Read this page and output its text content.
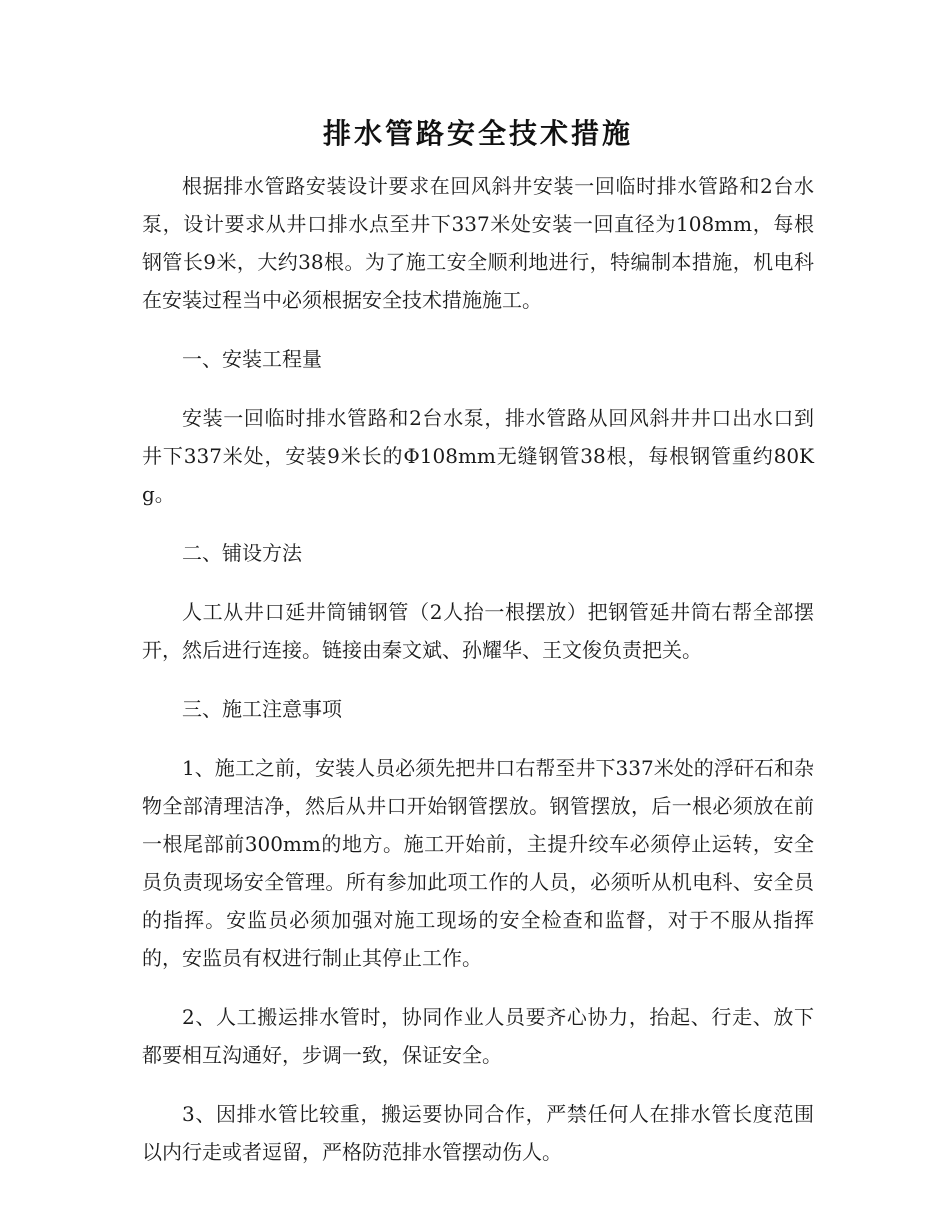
排水管路安全技术措施

根据排水管路安装设计要求在回风斜井安装一回临时排水管路和2台水泵，设计要求从井口排水点至井下337米处安装一回直径为108mm，每根钢管长9米，大约38根。为了施工安全顺利地进行，特编制本措施，机电科在安装过程当中必须根据安全技术措施施工。

一、安装工程量

安装一回临时排水管路和2台水泵，排水管路从回风斜井井口出水口到井下337米处，安装9米长的Φ108mm无缝钢管38根，每根钢管重约80Kg。

二、铺设方法

人工从井口延井筒铺钢管（2人抬一根摆放）把钢管延井筒右帮全部摆开，然后进行连接。链接由秦文斌、孙耀华、王文俊负责把关。

三、施工注意事项

1、施工之前，安装人员必须先把井口右帮至井下337米处的浮矸石和杂物全部清理洁净，然后从井口开始钢管摆放。钢管摆放，后一根必须放在前一根尾部前300mm的地方。施工开始前，主提升绞车必须停止运转，安全员负责现场安全管理。所有参加此项工作的人员，必须听从机电科、安全员的指挥。安监员必须加强对施工现场的安全检查和监督，对于不服从指挥的，安监员有权进行制止其停止工作。

2、人工搬运排水管时，协同作业人员要齐心协力，抬起、行走、放下都要相互沟通好，步调一致，保证安全。

3、因排水管比较重，搬运要协同合作，严禁任何人在排水管长度范围以内行走或者逗留，严格防范排水管摆动伤人。
